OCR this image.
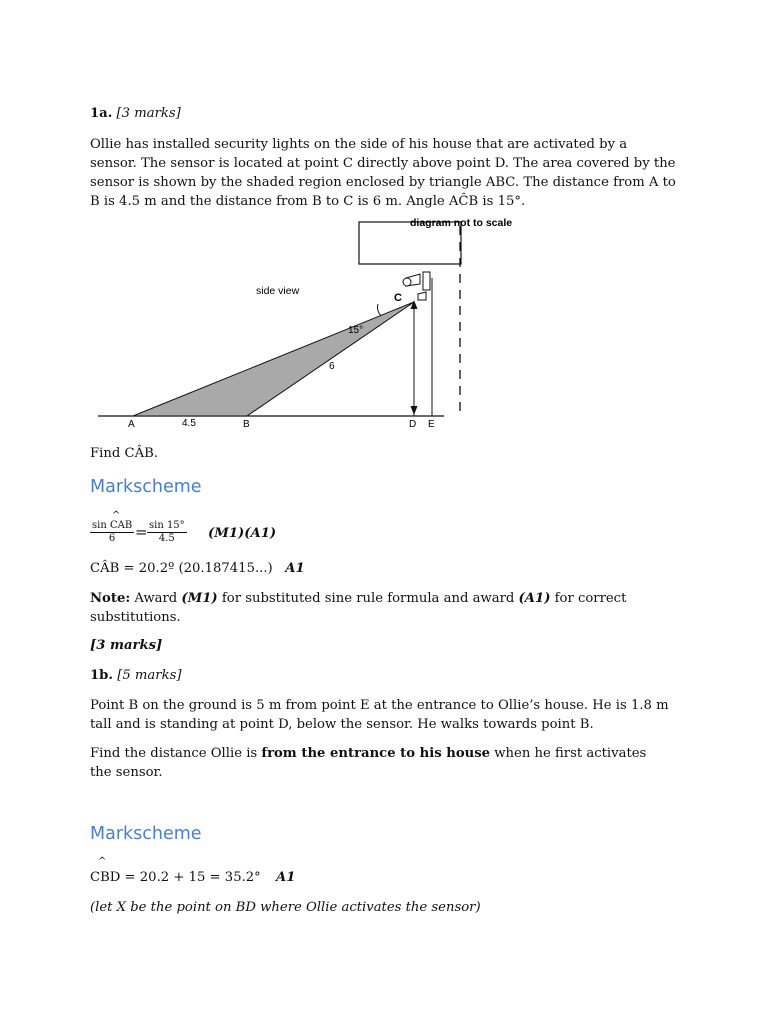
1a. [3 marks]

Ollie has installed security lights on the side of his house that are activated by a sensor. The sensor is located at point C directly above point D. The area covered by the sensor is shown by the shaded region enclosed by triangle ABC. The distance from A to B is 4.5 m and the distance from B to C is 6 m. Angle AĈB is 15°.

diagram not to scale
side view
C
15°
6
4.5
A	B	D E

Find CÂB.

Markscheme
^
sin CAB
6	= $\frac{\sin 15^\circ}{4.5} (M1)(A1)$

CÂB = 20.2º (20.187415...) A1

Note: Award (M1) for substituted sine rule formula and award (A1) for correct substitutions.

[3 marks]

1b. [5 marks]

Point B on the ground is 5 m from point E at the entrance to Ollie’s house. He is 1.8 m tall and is standing at point D, below the sensor. He walks towards point B.

Find the distance Ollie is from the entrance to his house when he first activates the sensor.

Markscheme
^
CBD = 20.2 + 15 = 35.2° A1

(let X be the point on BD where Ollie activates the sensor)
